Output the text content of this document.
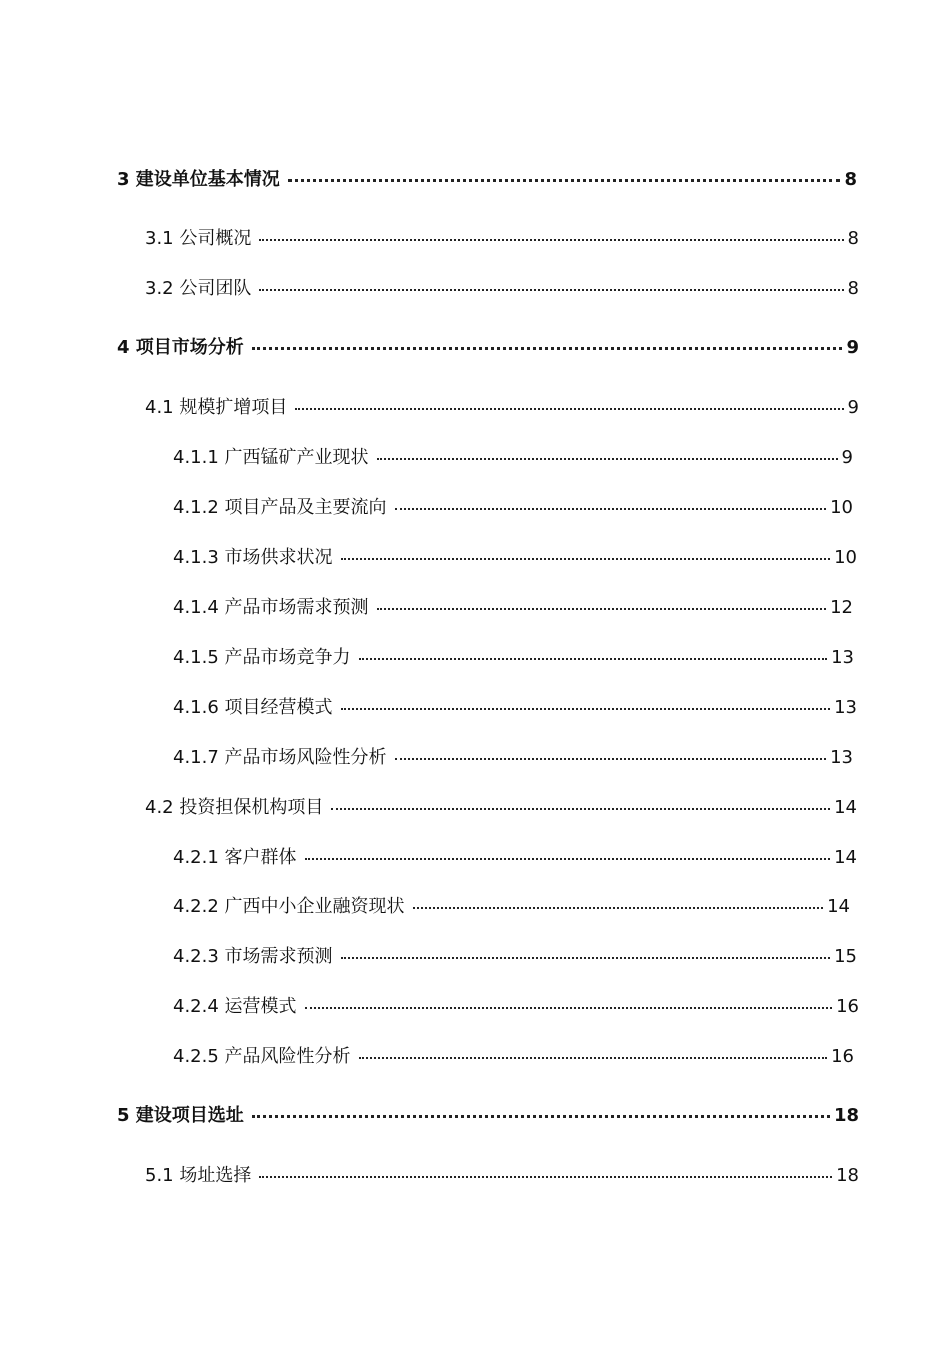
3 建设单位基本情况	8
3.1 公司概况	8
3.2 公司团队	8
4 项目市场分析	9
4.1 规模扩增项目	9
4.1.1 广西锰矿产业现状	9
4.1.2 项目产品及主要流向	10
4.1.3 市场供求状况	10
4.1.4 产品市场需求预测	12
4.1.5 产品市场竞争力	13
4.1.6 项目经营模式	13
4.1.7 产品市场风险性分析	13
4.2 投资担保机构项目	14
4.2.1 客户群体	14
4.2.2 广西中小企业融资现状	14
4.2.3 市场需求预测	15
4.2.4 运营模式	16
4.2.5 产品风险性分析	16
5 建设项目选址	18
5.1 场址选择	18
